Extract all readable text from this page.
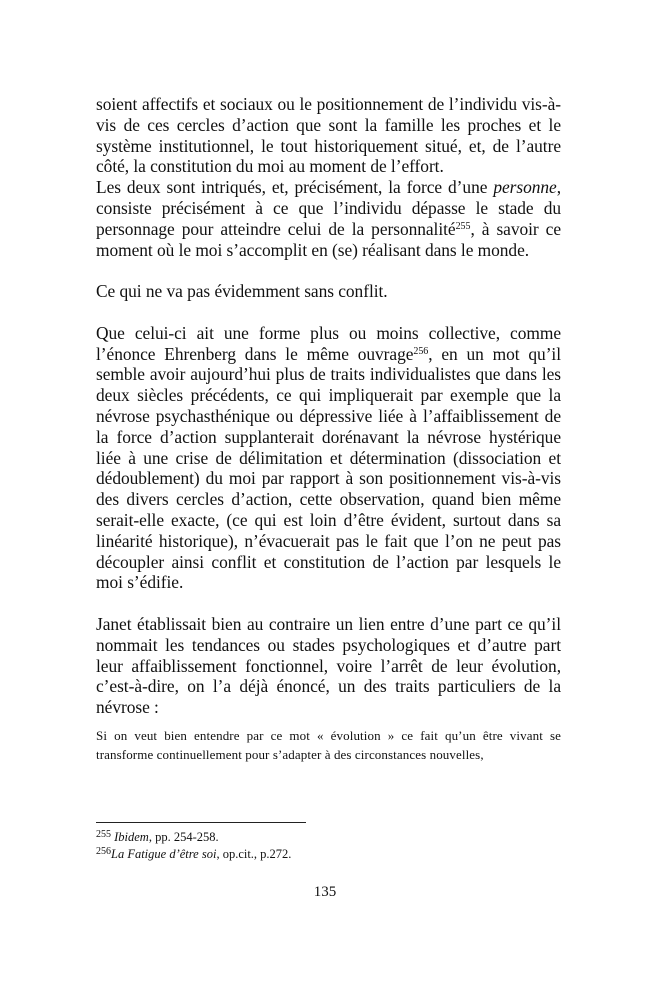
soient affectifs et sociaux ou le positionnement de l’individu vis-à-vis de ces cercles d’action que sont la famille les proches et le système institutionnel, le tout historiquement situé, et, de l’autre côté, la constitution du moi au moment de l’effort.

Les deux sont intriqués, et, précisément, la force d’une personne, consiste précisément à ce que l’individu dépasse le stade du personnage pour atteindre celui de la personnalité$^{255}$, à savoir ce moment où le moi s’accomplit en (se) réalisant dans le monde.

Ce qui ne va pas évidemment sans conflit.

Que celui-ci ait une forme plus ou moins collective, comme l’énonce Ehrenberg dans le même ouvrage$^{256}$, en un mot qu’il semble avoir aujourd’hui plus de traits individualistes que dans les deux siècles précédents, ce qui impliquerait par exemple que la névrose psychasthénique ou dépressive liée à l’affaiblissement de la force d’action supplanterait dorénavant la névrose hystérique liée à une crise de délimitation et détermination (dissociation et dédoublement) du moi par rapport à son positionnement vis-à-vis des divers cercles d’action, cette observation, quand bien même serait-elle exacte, (ce qui est loin d’être évident, surtout dans sa linéarité historique), n’évacuerait pas le fait que l’on ne peut pas découpler ainsi conflit et constitution de l’action par lesquels le moi s’édifie.

Janet établissait bien au contraire un lien entre d’une part ce qu’il nommait les tendances ou stades psychologiques et d’autre part leur affaiblissement fonctionnel, voire l’arrêt de leur évolution, c’est-à-dire, on l’a déjà énoncé, un des traits particuliers de la névrose :

Si on veut bien entendre par ce mot « évolution » ce fait qu’un être vivant se transforme continuellement pour s’adapter à des circonstances nouvelles,

$^{255}$ Ibidem, pp. 254-258.
$^{256}$La Fatigue d’être soi, op.cit., p.272.
135
